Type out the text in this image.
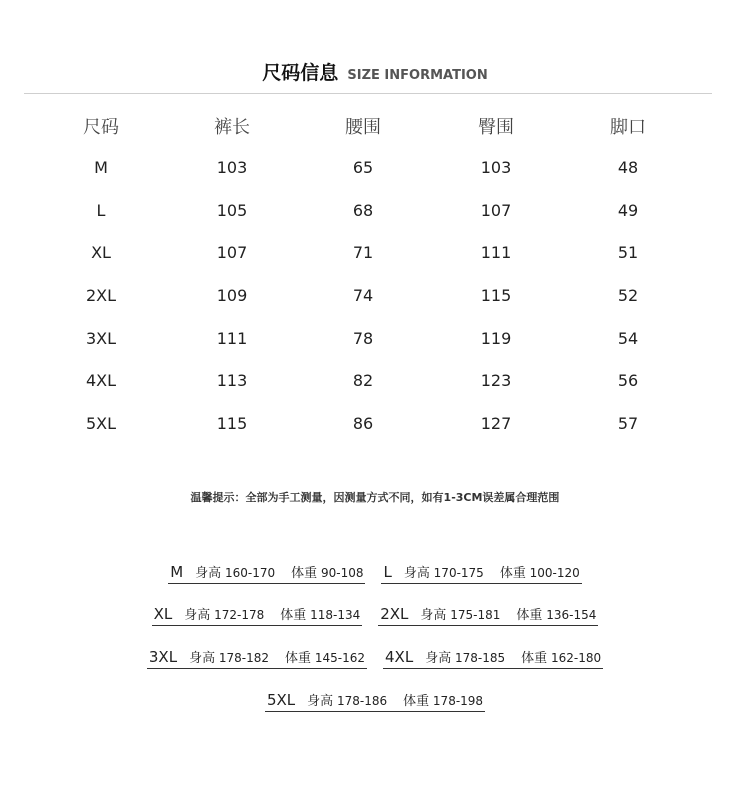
尺码信息 SIZE INFORMATION
尺码	裤长	腰围	臀围	脚口
M	103	65	103	48
L	105	68	107	49
XL	107	71	111	51
2XL	109	74	115	52
3XL	111	78	119	54
4XL	113	82	123	56
5XL	115	86	127	57
温馨提示：全部为手工测量，因测量方式不同，如有1-3CM误差属合理范围
M 身高 160-170 体重 90-108 L 身高 170-175 体重 100-120
XL 身高 172-178 体重 118-134 2XL 身高 175-181 体重 136-154
3XL 身高 178-182 体重 145-162 4XL 身高 178-185 体重 162-180
5XL 身高 178-186 体重 178-198
